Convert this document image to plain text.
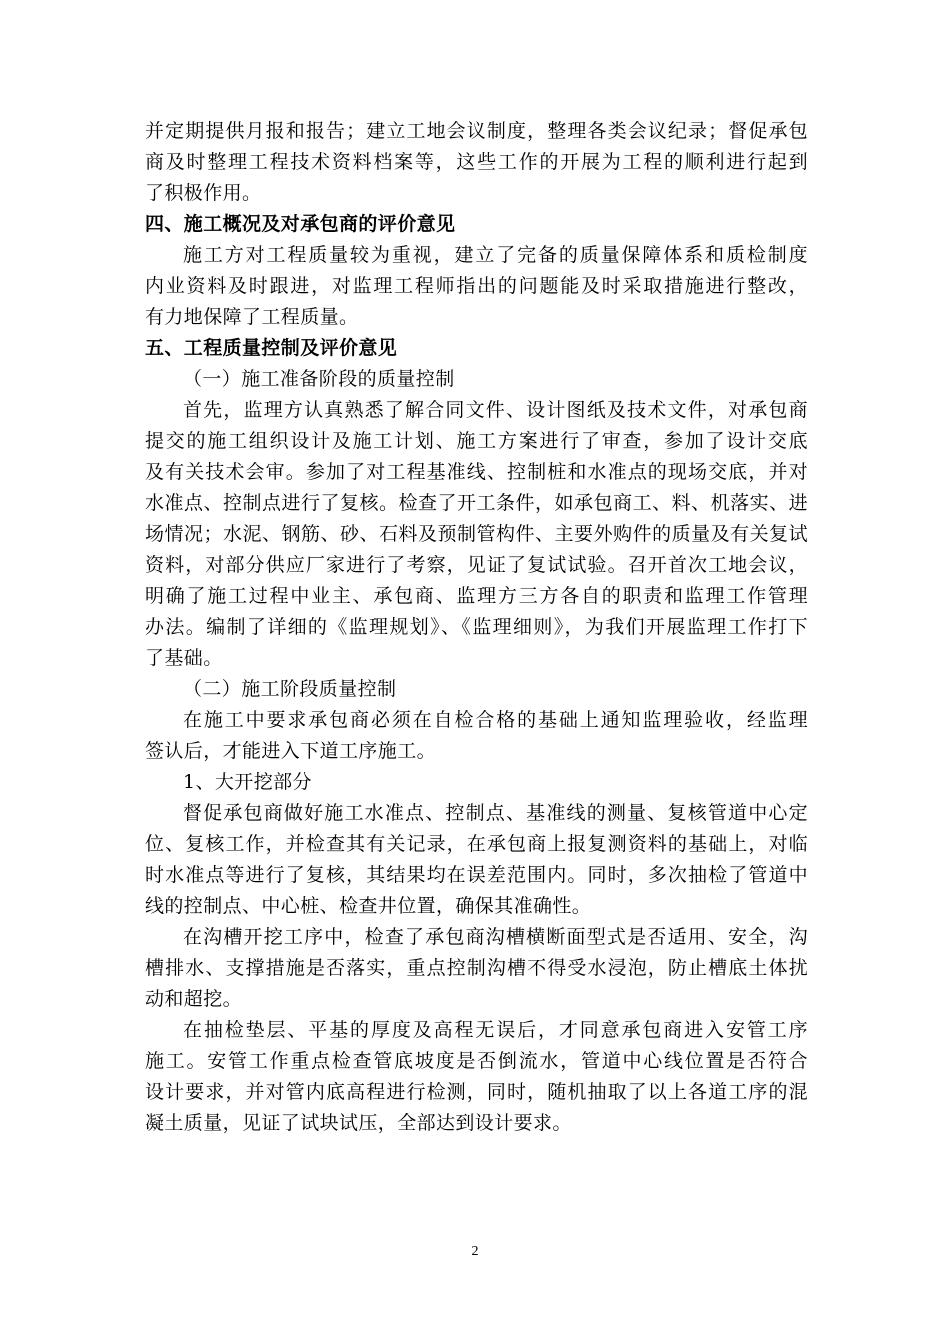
并定期提供月报和报告；建立工地会议制度，整理各类会议纪录；督促承包
商及时整理工程技术资料档案等，这些工作的开展为工程的顺利进行起到
了积极作用。
四、施工概况及对承包商的评价意见
施工方对工程质量较为重视，建立了完备的质量保障体系和质检制度
内业资料及时跟进，对监理工程师指出的问题能及时采取措施进行整改，
有力地保障了工程质量。
五、工程质量控制及评价意见
（一）施工准备阶段的质量控制
首先，监理方认真熟悉了解合同文件、设计图纸及技术文件，对承包商
提交的施工组织设计及施工计划、施工方案进行了审查，参加了设计交底
及有关技术会审。参加了对工程基准线、控制桩和水准点的现场交底，并对
水准点、控制点进行了复核。检查了开工条件，如承包商工、料、机落实、进
场情况；水泥、钢筋、砂、石料及预制管构件、主要外购件的质量及有关复试
资料，对部分供应厂家进行了考察，见证了复试试验。召开首次工地会议，
明确了施工过程中业主、承包商、监理方三方各自的职责和监理工作管理
办法。编制了详细的《监理规划》、《监理细则》，为我们开展监理工作打下
了基础。
（二）施工阶段质量控制
在施工中要求承包商必须在自检合格的基础上通知监理验收，经监理
签认后，才能进入下道工序施工。
1、大开挖部分
督促承包商做好施工水准点、控制点、基准线的测量、复核管道中心定
位、复核工作，并检查其有关记录，在承包商上报复测资料的基础上，对临
时水准点等进行了复核，其结果均在误差范围内。同时，多次抽检了管道中
线的控制点、中心桩、检查井位置，确保其准确性。
在沟槽开挖工序中，检查了承包商沟槽横断面型式是否适用、安全，沟
槽排水、支撑措施是否落实，重点控制沟槽不得受水浸泡，防止槽底土体扰
动和超挖。
在抽检垫层、平基的厚度及高程无误后，才同意承包商进入安管工序
施工。安管工作重点检查管底坡度是否倒流水，管道中心线位置是否符合
设计要求，并对管内底高程进行检测，同时，随机抽取了以上各道工序的混
凝土质量，见证了试块试压，全部达到设计要求。
2
